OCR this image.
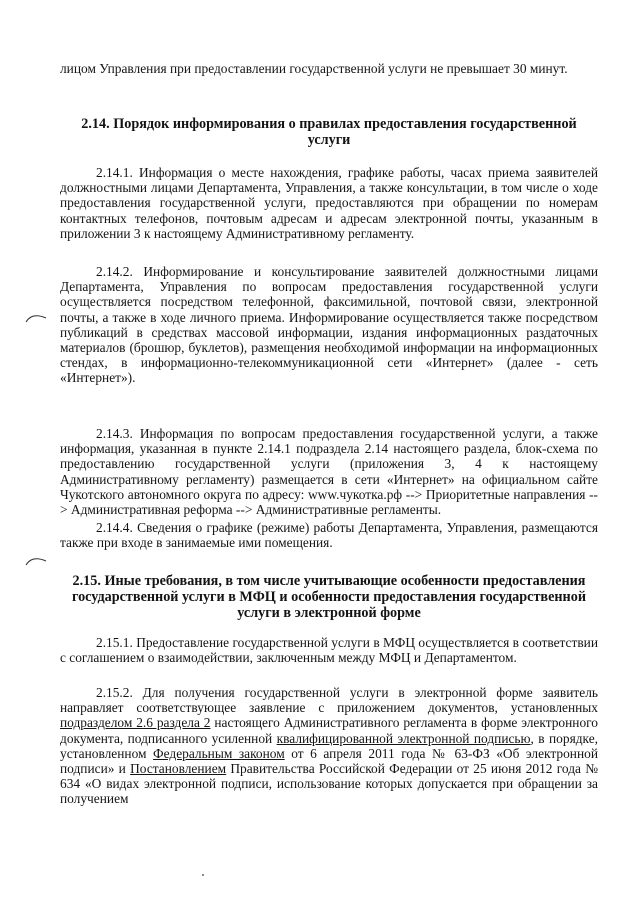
лицом Управления при предоставлении государственной услуги не превышает 30 минут.

2.14. Порядок информирования о правилах предоставления государственной услуги

2.14.1. Информация о месте нахождения, графике работы, часах приема заявителей должностными лицами Департамента, Управления, а также консультации, в том числе о ходе предоставления государственной услуги, предоставляются при обращении по номерам контактных телефонов, почтовым адресам и адресам электронной почты, указанным в приложении 3 к настоящему Административному регламенту.

2.14.2. Информирование и консультирование заявителей должностными лицами Департамента, Управления по вопросам предоставления государственной услуги осуществляется посредством телефонной, факсимильной, почтовой связи, электронной почты, а также в ходе личного приема. Информирование осуществляется также посредством публикаций в средствах массовой информации, издания информационных раздаточных материалов (брошюр, буклетов), размещения необходимой информации на информационных стендах, в информационно-телекоммуникационной сети «Интернет» (далее - сеть «Интернет»).

2.14.3. Информация по вопросам предоставления государственной услуги, а также информация, указанная в пункте 2.14.1 подраздела 2.14 настоящего раздела, блок-схема по предоставлению государственной услуги (приложения 3, 4 к настоящему Административному регламенту) размещается в сети «Интернет» на официальном сайте Чукотского автономного округа по адресу: www.чукотка.рф --> Приоритетные направления --> Административная реформа --> Административные регламенты.

2.14.4. Сведения о графике (режиме) работы Департамента, Управления, размещаются также при входе в занимаемые ими помещения.

2.15. Иные требования, в том числе учитывающие особенности предоставления государственной услуги в МФЦ и особенности предоставления государственной услуги в электронной форме

2.15.1. Предоставление государственной услуги в МФЦ осуществляется в соответствии с соглашением о взаимодействии, заключенным между МФЦ и Департаментом.

2.15.2. Для получения государственной услуги в электронной форме заявитель направляет соответствующее заявление с приложением документов, установленных подразделом 2.6 раздела 2 настоящего Административного регламента в форме электронного документа, подписанного усиленной квалифицированной электронной подписью, в порядке, установленном Федеральным законом от 6 апреля 2011 года № 63-ФЗ «Об электронной подписи» и Постановлением Правительства Российской Федерации от 25 июня 2012 года № 634 «О видах электронной подписи, использование которых допускается при обращении за получением
